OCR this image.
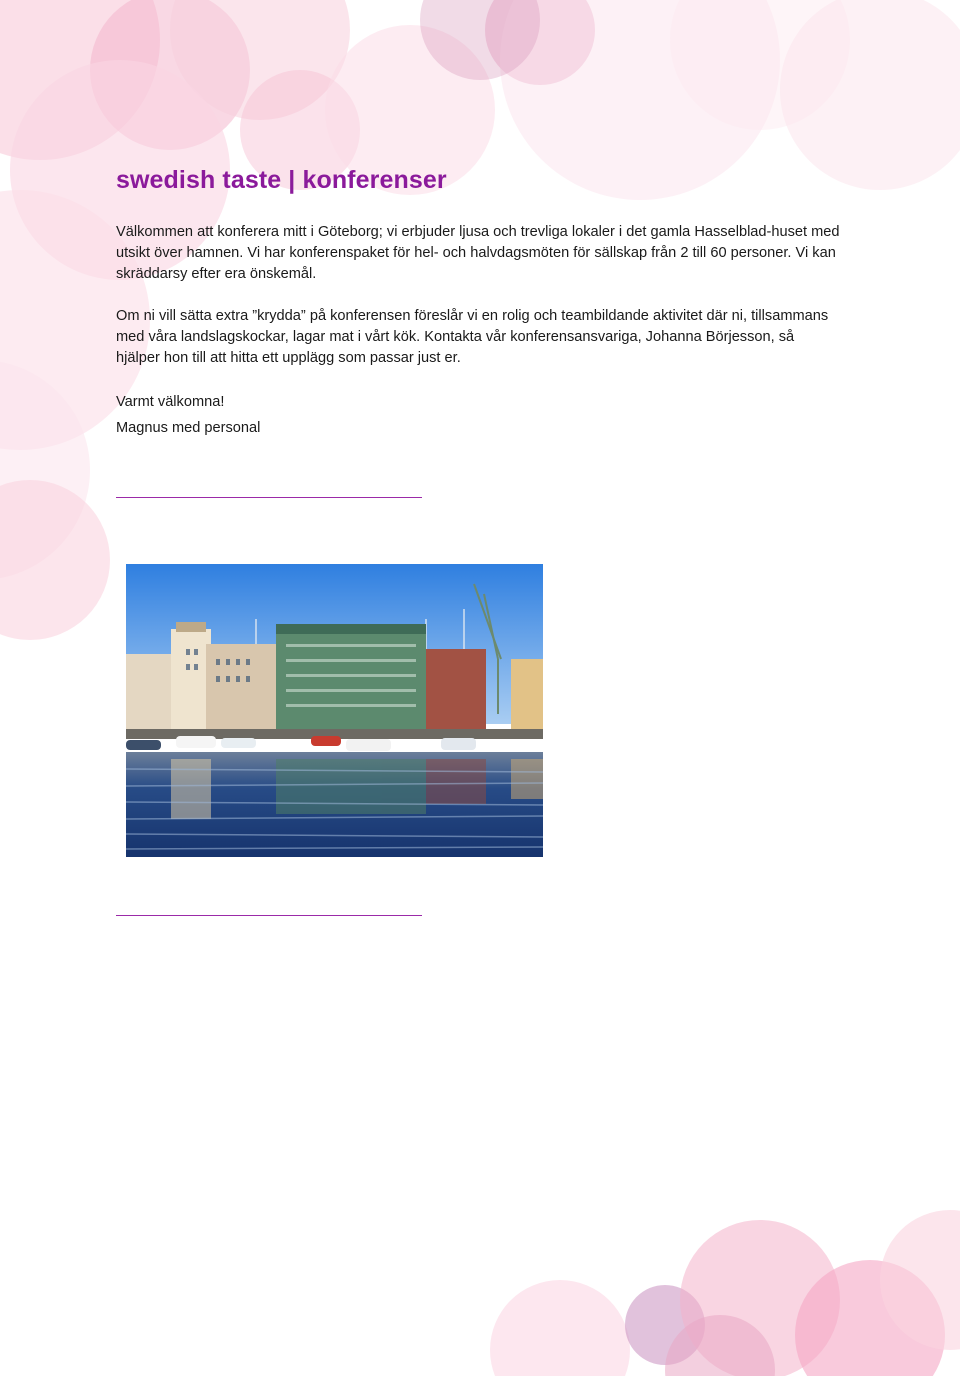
swedish taste | konferenser

Välkommen att konferera mitt i Göteborg; vi erbjuder ljusa och trevliga lokaler i det gamla Hasselblad-huset med utsikt över hamnen. Vi har konferenspaket för hel- och halvdagsmöten för sällskap från 2 till 60 personer. Vi kan skräddarsy efter era önskemål.

Om ni vill sätta extra ”krydda” på konferensen föreslår vi en rolig och teambildande aktivitet där ni, tillsammans med våra landslagskockar, lagar mat i vårt kök. Kontakta vår konferensansvariga, Johanna Börjesson, så hjälper hon till att hitta ett upplägg som passar just er.

Varmt välkomna!
Magnus med personal
